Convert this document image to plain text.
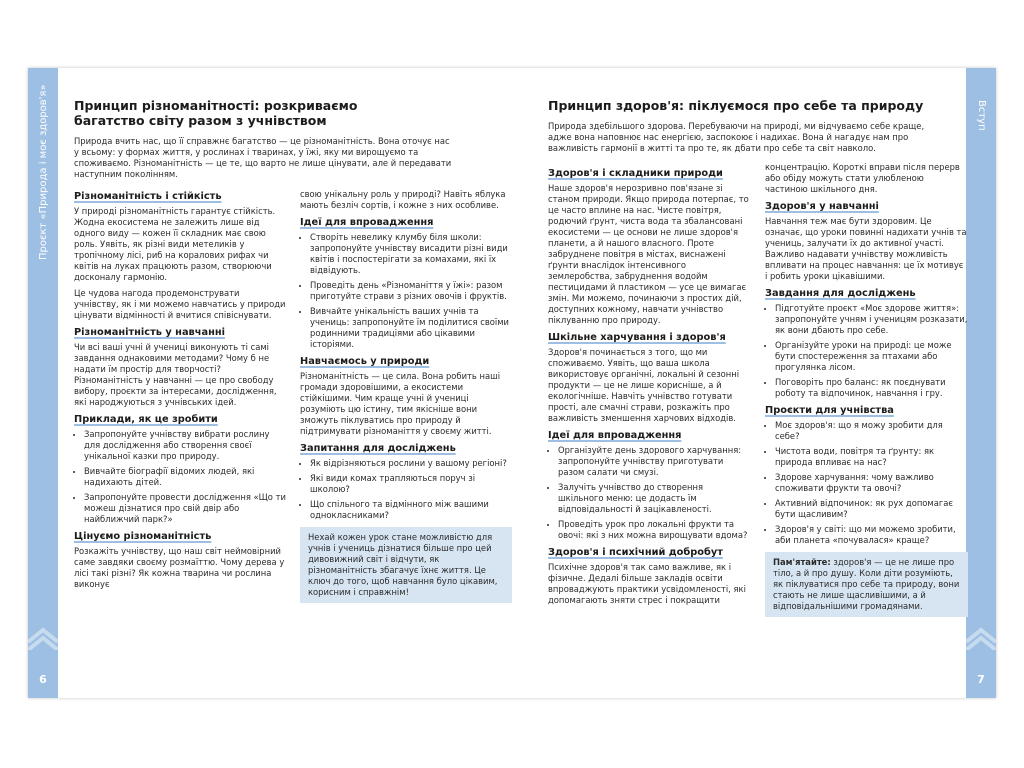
Проєкт «Природа і моє здоров'я»
6
Вступ
7
Принцип різноманітності: розкриваємо багатство світу разом з учнівством

Природа вчить нас, що її справжнє багатство — це різноманітність. Вона оточує нас у всьому: у формах життя, у рослинах і тваринах, у їжі, яку ми вирощуємо та споживаємо. Різноманітність — це те, що варто не лише цінувати, але й передавати наступним поколінням.

Різноманітність і стійкість

У природі різноманітність гарантує стійкість. Жодна екосистема не залежить лише від одного виду — кожен її складник має свою роль. Уявіть, як різні види метеликів у тропічному лісі, риб на коралових рифах чи квітів на луках працюють разом, створюючи досконалу гармонію.

Це чудова нагода продемонструвати учнівству, як і ми можемо навчатись у природи цінувати відмінності й вчитися співіснувати.

Різноманітність у навчанні

Чи всі ваші учні й учениці виконують ті самі завдання однаковими методами? Чому б не надати їм простір для творчості? Різноманітність у навчанні — це про свободу вибору, проєкти за інтересами, дослідження, які народжуються з учнівських ідей.

Приклади, як це зробити
• Запропонуйте учнівству вибрати рослину для дослідження або створення своєї унікальної казки про природу.
• Вивчайте біографії відомих людей, які надихають дітей.
• Запропонуйте провести дослідження «Що ти можеш дізнатися про свій двір або найближчий парк?»
Цінуємо різноманітність

Розкажіть учнівству, що наш світ неймовірний саме завдяки своєму розмаїттю. Чому дерева у лісі такі різні? Як кожна тварина чи рослина виконує

свою унікальну роль у природі? Навіть яблука мають безліч сортів, і кожне з них особливе.

Ідеї для впровадження
• Створіть невелику клумбу біля школи: запропонуйте учнівству висадити різні види квітів і поспостерігати за комахами, які їх відвідують.
• Проведіть день «Різноманіття у їжі»: разом приготуйте страви з різних овочів і фруктів.
• Вивчайте унікальність ваших учнів та учениць: запропонуйте їм поділитися своїми родинними традиціями або цікавими історіями.
Навчаємось у природи

Різноманітність — це сила. Вона робить наші громади здоровішими, а екосистеми стійкішими. Чим краще учні й учениці розуміють цю істину, тим якісніше вони зможуть піклуватись про природу й підтримувати різноманіття у своєму житті.

Запитання для досліджень
• Як відрізняються рослини у вашому регіоні?
• Які види комах трапляються поруч зі школою?
• Що спільного та відмінного між вашими однокласниками?
Нехай кожен урок стане можливістю для учнів і учениць дізнатися більше про цей дивовижний світ і відчути, як різноманітність збагачує їхнє життя. Це ключ до того, щоб навчання було цікавим, корисним і справжнім!
Принцип здоров'я: піклуємося про себе та природу

Природа здебільшого здорова. Перебуваючи на природі, ми відчуваємо себе краще, адже вона наповнює нас енергією, заспокоює і надихає. Вона й нагадує нам про важливість гармонії в житті та про те, як дбати про себе та світ навколо.

Здоров'я і складники природи

Наше здоров'я нерозривно пов'язане зі станом природи. Якщо природа потерпає, то це часто вплине на нас. Чисте повітря, родючий ґрунт, чиста вода та збалансовані екосистеми — це основи не лише здоров'я планети, а й нашого власного. Проте забруднене повітря в містах, виснажені ґрунти внаслідок інтенсивного землеробства, забруднення водойм пестицидами й пластиком — усе це вимагає змін. Ми можемо, починаючи з простих дій, доступних кожному, навчати учнівство піклуванню про природу.

Шкільне харчування і здоров'я

Здоров'я починається з того, що ми споживаємо. Уявіть, що ваша школа використовує органічні, локальні й сезонні продукти — це не лише корисніше, а й екологічніше. Навчіть учнівство готувати прості, але смачні страви, розкажіть про важливість зменшення харчових відходів.

Ідеї для впровадження
• Організуйте день здорового харчування: запропонуйте учнівству приготувати разом салати чи смузі.
• Залучіть учнівство до створення шкільного меню: це додасть їм відповідальності й зацікавленості.
• Проведіть урок про локальні фрукти та овочі: які з них можна вирощувати вдома?
Здоров'я і психічний добробут

Психічне здоров'я так само важливе, як і фізичне. Дедалі більше закладів освіти впроваджують практики усвідомленості, які допомагають зняти стрес і покращити

концентрацію. Короткі вправи після перерв або обіду можуть стати улюбленою частиною шкільного дня.

Здоров'я у навчанні

Навчання теж має бути здоровим. Це означає, що уроки повинні надихати учнів та учениць, залучати їх до активної участі. Важливо надавати учнівству можливість впливати на процес навчання: це їх мотивує і робить уроки цікавішими.

Завдання для досліджень
• Підготуйте проєкт «Моє здорове життя»: запропонуйте учням і ученицям розказати, як вони дбають про себе.
• Організуйте уроки на природі: це може бути спостереження за птахами або прогулянка лісом.
• Поговоріть про баланс: як поєднувати роботу та відпочинок, навчання і гру.
Проєкти для учнівства
• Моє здоров'я: що я можу зробити для себе?
• Чистота води, повітря та ґрунту: як природа впливає на нас?
• Здорове харчування: чому важливо споживати фрукти та овочі?
• Активний відпочинок: як рух допомагає бути щасливим?
• Здоров'я у світі: що ми можемо зробити, аби планета «почувалася» краще?
Пам'ятайте: здоров'я — це не лише про тіло, а й про душу. Коли діти розуміють, як піклуватися про себе та природу, вони стають не лише щасливішими, а й відповідальнішими громадянами.
